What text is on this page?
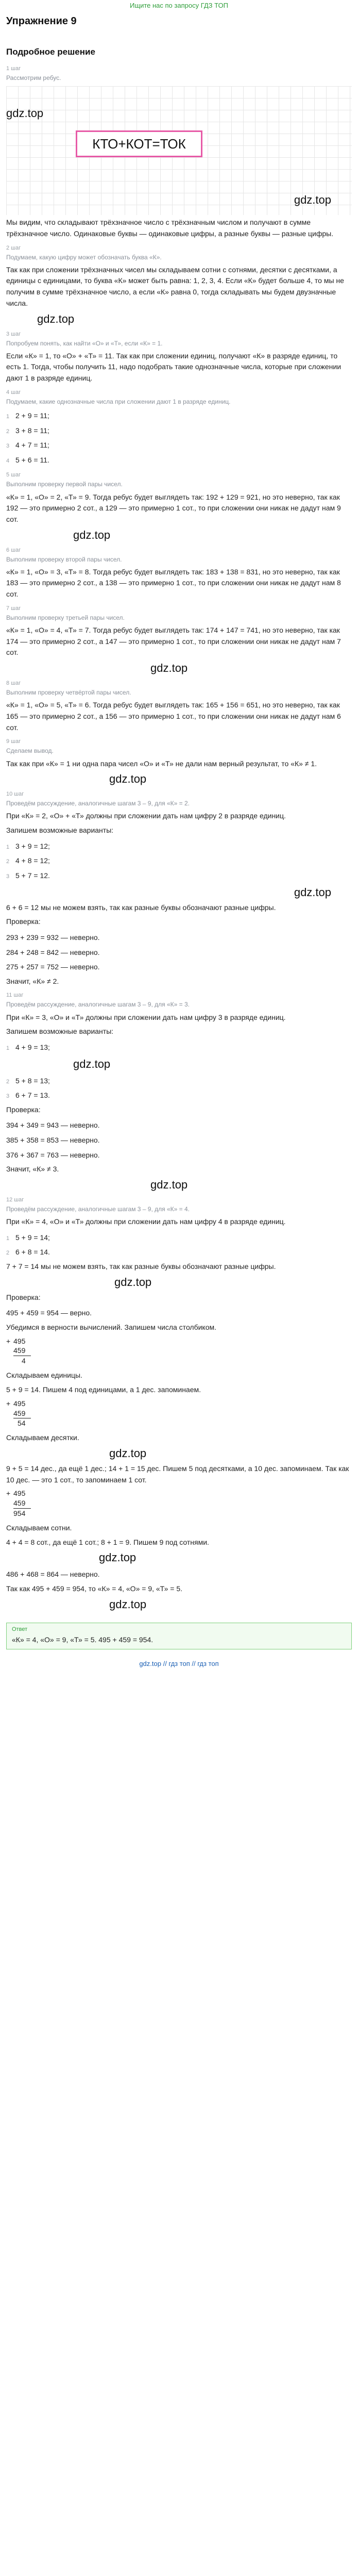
Ищите нас по запросу ГДЗ ТОП
Упражнение 9
Подробное решение
1 шаг
Рассмотрим ребус.
gdz.top
КТО+КОТ=ТОК
gdz.top
Мы видим, что складывают трёхзначное число с трёхзначным числом и получают в сумме трёхзначное число. Одинаковые буквы — одинаковые цифры, а разные буквы — разные цифры.
2 шаг
Подумаем, какую цифру может обозначать буква «К».
Так как при сложении трёхзначных чисел мы складываем сотни с сотнями, десятки с десятками, а единицы с единицами, то буква «К» может быть равна: 1, 2, 3, 4. Если «К» будет больше 4, то мы не получим в сумме трёхзначное число, а если «К» равна 0, тогда складывать мы будем двузначные числа.
gdz.top
3 шаг
Попробуем понять, как найти «О» и «Т», если «К» = 1.
Если «К» = 1, то «О» + «Т» = 11. Так как при сложении единиц, получают «К» в разряде единиц, то есть 1. Тогда, чтобы получить 11, надо подобрать такие однозначные числа, которые при сложении дают 1 в разряде единиц.
4 шаг
Подумаем, какие однозначные числа при сложении дают 1 в разряде единиц.
1 2 + 9 = 11;
2 3 + 8 = 11;
3 4 + 7 = 11;
4 5 + 6 = 11.
5 шаг
Выполним проверку первой пары чисел.
«К» = 1, «О» = 2, «Т» = 9. Тогда ребус будет выглядеть так: 192 + 129 = 921, но это неверно, так как 192 — это примерно 2 сот., а 129 — это примерно 1 сот., то при сложении они никак не дадут нам 9 сот.
gdz.top
6 шаг
Выполним проверку второй пары чисел.
«К» = 1, «О» = 3, «Т» = 8. Тогда ребус будет выглядеть так: 183 + 138 = 831, но это неверно, так как 183 — это примерно 2 сот., а 138 — это примерно 1 сот., то при сложении они никак не дадут нам 8 сот.
7 шаг
Выполним проверку третьей пары чисел.
«К» = 1, «О» = 4, «Т» = 7. Тогда ребус будет выглядеть так: 174 + 147 = 741, но это неверно, так как 174 — это примерно 2 сот., а 147 — это примерно 1 сот., то при сложении они никак не дадут нам 7 сот.
gdz.top
8 шаг
Выполним проверку четвёртой пары чисел.
«К» = 1, «О» = 5, «Т» = 6. Тогда ребус будет выглядеть так: 165 + 156 = 651, но это неверно, так как 165 — это примерно 2 сот., а 156 — это примерно 1 сот., то при сложении они никак не дадут нам 6 сот.
9 шаг
Сделаем вывод.
Так как при «К» = 1 ни одна пара чисел «О» и «Т» не дали нам верный результат, то «К» ≠ 1.
gdz.top
10 шаг
Проведём рассуждение, аналогичные шагам 3 – 9, для «К» = 2.
При «К» = 2, «О» + «Т» должны при сложении дать нам цифру 2 в разряде единиц.
Запишем возможные варианты:
1 3 + 9 = 12;
2 4 + 8 = 12;
3 5 + 7 = 12.
gdz.top
6 + 6 = 12 мы не можем взять, так как разные буквы обозначают разные цифры.
Проверка:
293 + 239 = 932 — неверно.
284 + 248 = 842 — неверно.
275 + 257 = 752 — неверно.
Значит, «К» ≠ 2.
11 шаг
Проведём рассуждение, аналогичные шагам 3 – 9, для «К» = 3.
При «К» = 3, «О» и «Т» должны при сложении дать нам цифру 3 в разряде единиц.
Запишем возможные варианты:
1 4 + 9 = 13;
gdz.top
2 5 + 8 = 13;
3 6 + 7 = 13.
Проверка:
394 + 349 = 943 — неверно.
385 + 358 = 853 — неверно.
376 + 367 = 763 — неверно.
Значит, «К» ≠ 3.
gdz.top
12 шаг
Проведём рассуждение, аналогичные шагам 3 – 9, для «К» = 4.
При «К» = 4, «О» и «Т» должны при сложении дать нам цифру 4 в разряде единиц.
1 5 + 9 = 14;
2 6 + 8 = 14.
7 + 7 = 14 мы не можем взять, так как разные буквы обозначают разные цифры.
gdz.top
Проверка:
495 + 459 = 954 — верно.
Убедимся в верности вычислений. Запишем числа столбиком.
+ 495
459
4
Складываем единицы.
5 + 9 = 14. Пишем 4 под единицами, а 1 дес. запоминаем.
+ 495
459
54
Складываем десятки.
gdz.top
9 + 5 = 14 дес., да ещё 1 дес.; 14 + 1 = 15 дес. Пишем 5 под десятками, а 10 дес. запоминаем. Так как 10 дес. — это 1 сот., то запоминаем 1 сот.
+ 495
459
954
Складываем сотни.
4 + 4 = 8 сот., да ещё 1 сот.; 8 + 1 = 9. Пишем 9 под сотнями.
gdz.top
486 + 468 = 864 — неверно.
Так как 495 + 459 = 954, то «К» = 4, «О» = 9, «Т» = 5.
gdz.top
Ответ
«К» = 4, «О» = 9, «Т» = 5. 495 + 459 = 954.
gdz.top // гдз топ // гдз топ
